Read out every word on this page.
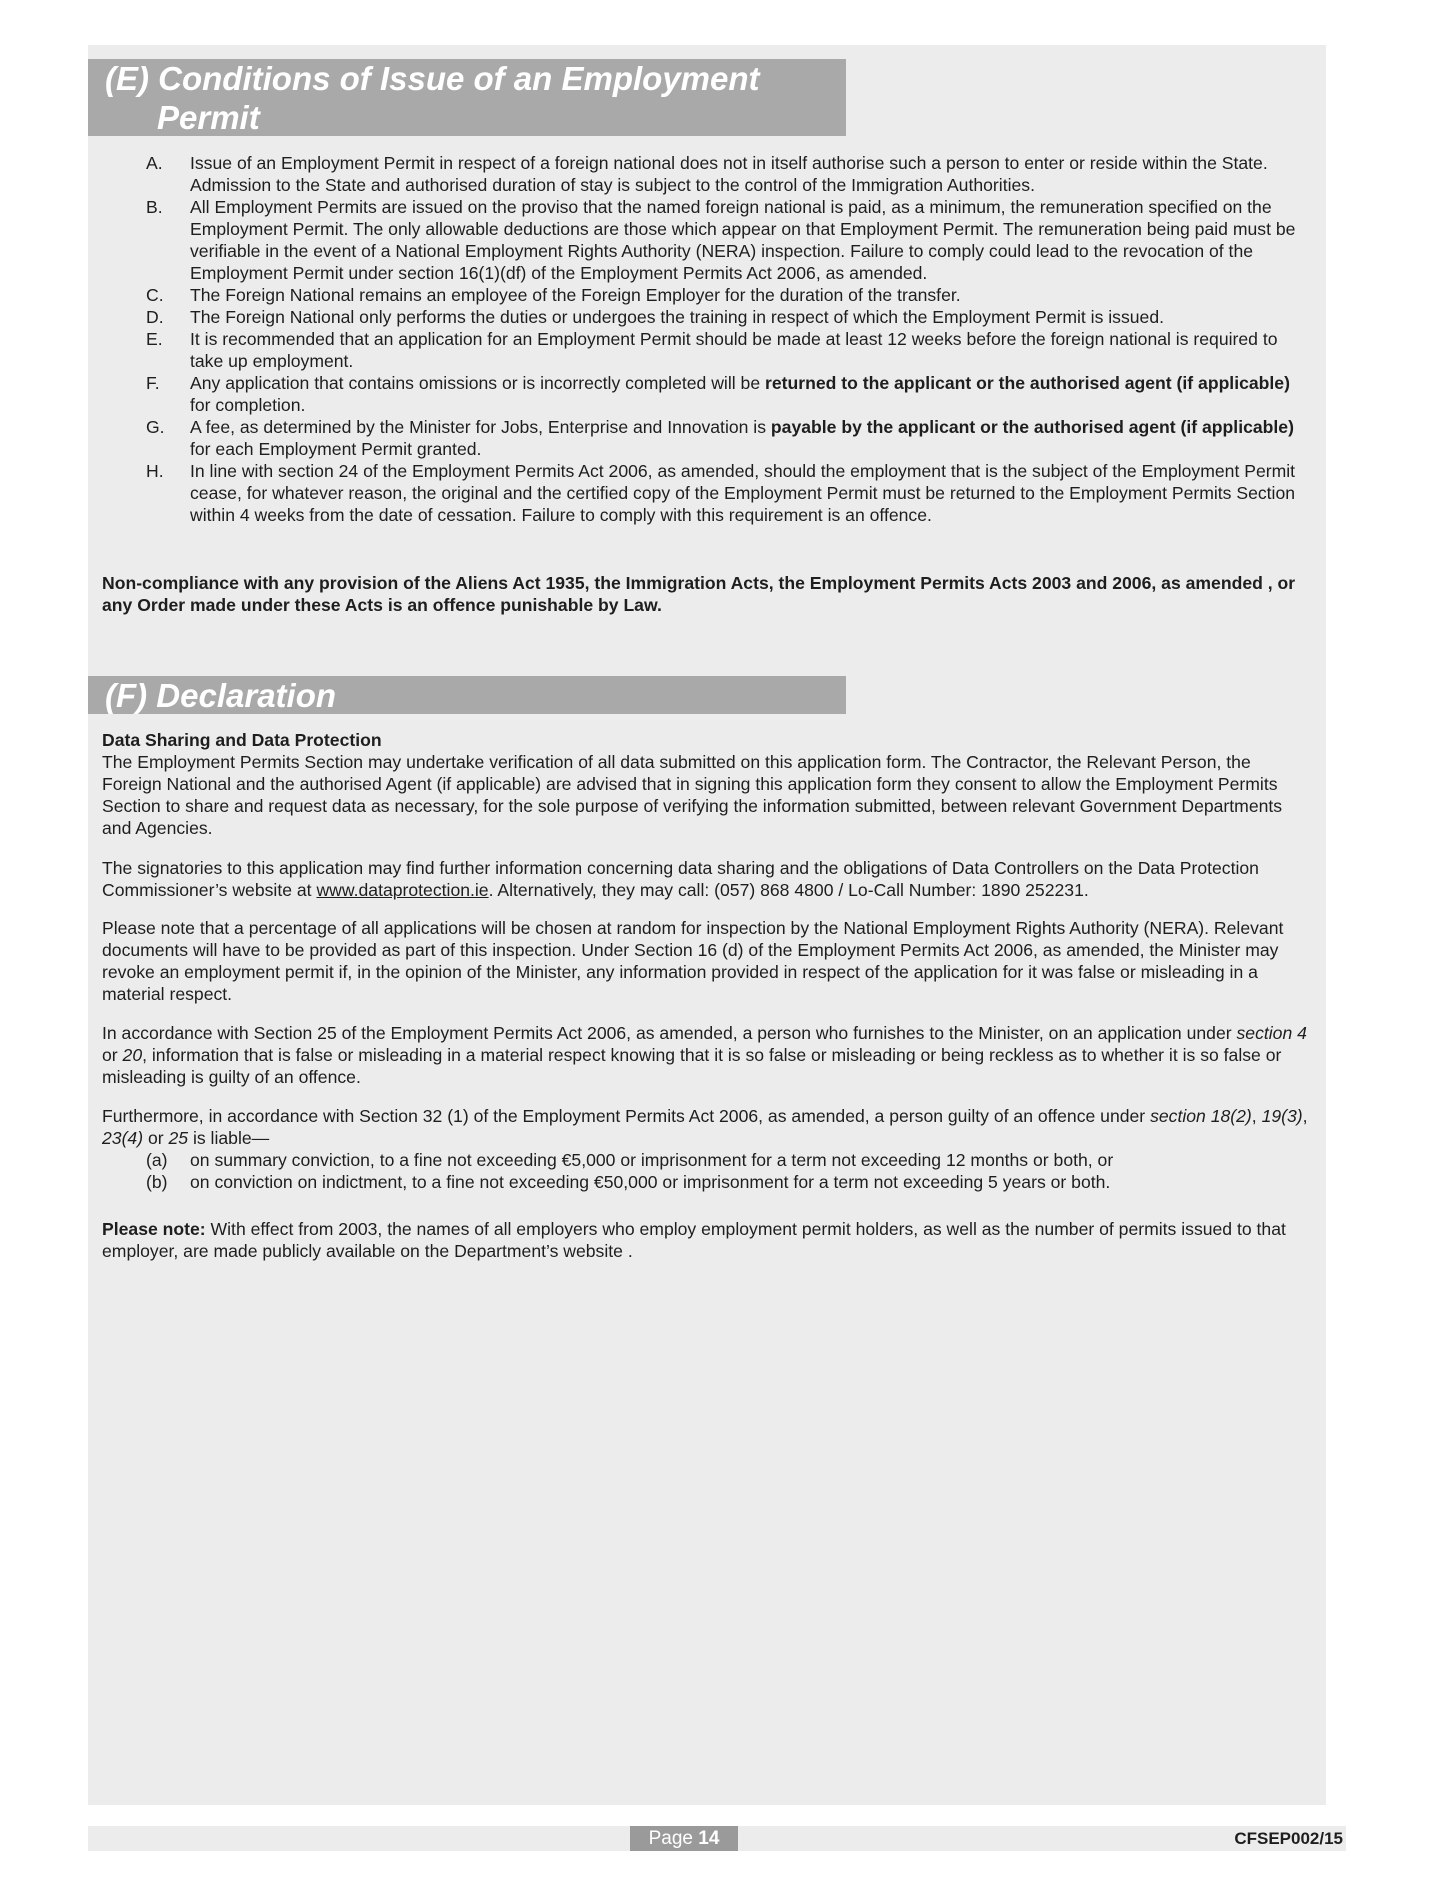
(E) Conditions of Issue of an Employment
Permit
A. Issue of an Employment Permit in respect of a foreign national does not in itself authorise such a person to enter or reside within the State. Admission to the State and authorised duration of stay is subject to the control of the Immigration Authorities.
B. All Employment Permits are issued on the proviso that the named foreign national is paid, as a minimum, the remuneration specified on the Employment Permit. The only allowable deductions are those which appear on that Employment Permit. The remuneration being paid must be verifiable in the event of a National Employment Rights Authority (NERA) inspection. Failure to comply could lead to the revocation of the Employment Permit under section 16(1)(df) of the Employment Permits Act 2006, as amended.
C. The Foreign National remains an employee of the Foreign Employer for the duration of the transfer.
D. The Foreign National only performs the duties or undergoes the training in respect of which the Employment Permit is issued.
E. It is recommended that an application for an Employment Permit should be made at least 12 weeks before the foreign national is required to take up employment.
F. Any application that contains omissions or is incorrectly completed will be returned to the applicant or the authorised agent (if applicable) for completion.
G. A fee, as determined by the Minister for Jobs, Enterprise and Innovation is payable by the applicant or the authorised agent (if applicable) for each Employment Permit granted.
H. In line with section 24 of the Employment Permits Act 2006, as amended, should the employment that is the subject of the Employment Permit cease, for whatever reason, the original and the certified copy of the Employment Permit must be returned to the Employment Permits Section within 4 weeks from the date of cessation. Failure to comply with this requirement is an offence.

Non-compliance with any provision of the Aliens Act 1935, the Immigration Acts, the Employment Permits Acts 2003 and 2006, as amended , or any Order made under these Acts is an offence punishable by Law.

(F) Declaration

Data Sharing and Data Protection

The Employment Permits Section may undertake verification of all data submitted on this application form. The Contractor, the Relevant Person, the Foreign National and the authorised Agent (if applicable) are advised that in signing this application form they consent to allow the Employment Permits Section to share and request data as necessary, for the sole purpose of verifying the information submitted, between relevant Government Departments and Agencies.

The signatories to this application may find further information concerning data sharing and the obligations of Data Controllers on the Data Protection Commissioner’s website at www.dataprotection.ie. Alternatively, they may call: (057) 868 4800 / Lo-Call Number: 1890 252231.

Please note that a percentage of all applications will be chosen at random for inspection by the National Employment Rights Authority (NERA). Relevant documents will have to be provided as part of this inspection. Under Section 16 (d) of the Employment Permits Act 2006, as amended, the Minister may revoke an employment permit if, in the opinion of the Minister, any information provided in respect of the application for it was false or misleading in a material respect.

In accordance with Section 25 of the Employment Permits Act 2006, as amended, a person who furnishes to the Minister, on an application under section 4 or 20, information that is false or misleading in a material respect knowing that it is so false or misleading or being reckless as to whether it is so false or misleading is guilty of an offence.

Furthermore, in accordance with Section 32 (1) of the Employment Permits Act 2006, as amended, a person guilty of an offence under section 18(2), 19(3), 23(4) or 25 is liable—

(a) on summary conviction, to a fine not exceeding €5,000 or imprisonment for a term not exceeding 12 months or both, or
(b) on conviction on indictment, to a fine not exceeding €50,000 or imprisonment for a term not exceeding 5 years or both.

Please note: With effect from 2003, the names of all employers who employ employment permit holders, as well as the number of permits issued to that employer, are made publicly available on the Department’s website .

Page 14	CFSEP002/15
